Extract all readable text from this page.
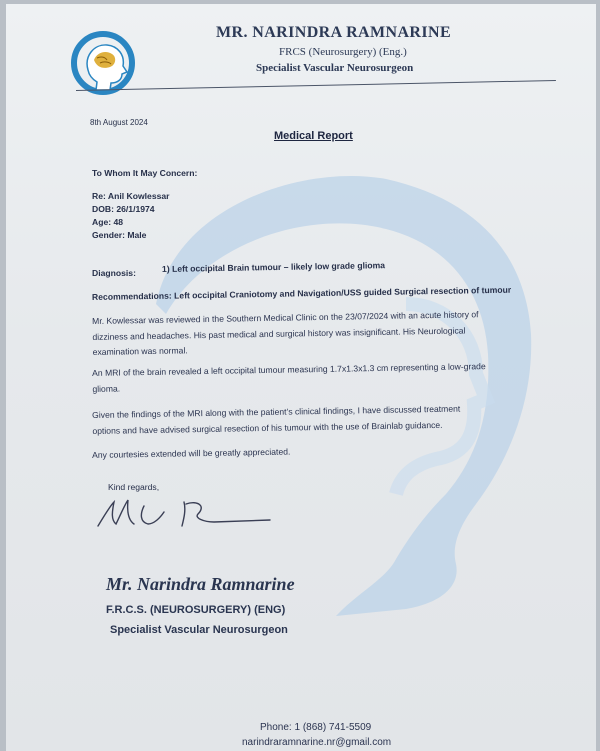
MR. NARINDRA RAMNARINE
FRCS (Neurosurgery) (Eng.)
Specialist Vascular Neurosurgeon
8th August 2024
Medical Report
To Whom It May Concern:
Re: Anil Kowlessar
DOB: 26/1/1974
Age: 48
Gender: Male
Diagnosis:	1) Left occipital Brain tumour – likely low grade glioma
Recommendations: Left occipital Craniotomy and Navigation/USS guided Surgical resection of tumour
Mr. Kowlessar was reviewed in the Southern Medical Clinic on the 23/07/2024 with an acute history of
dizziness and headaches. His past medical and surgical history was insignificant. His Neurological
examination was normal.
An MRI of the brain revealed a left occipital tumour measuring 1.7x1.3x1.3 cm representing a low-grade
glioma.
Given the findings of the MRI along with the patient’s clinical findings, I have discussed treatment
options and have advised surgical resection of his tumour with the use of Brainlab guidance.
Any courtesies extended will be greatly appreciated.
Kind regards,
Mr. Narindra Ramnarine
F.R.C.S. (NEUROSURGERY) (ENG)
Specialist Vascular Neurosurgeon
Phone: 1 (868) 741-5509
narindraramnarine.nr@gmail.com
